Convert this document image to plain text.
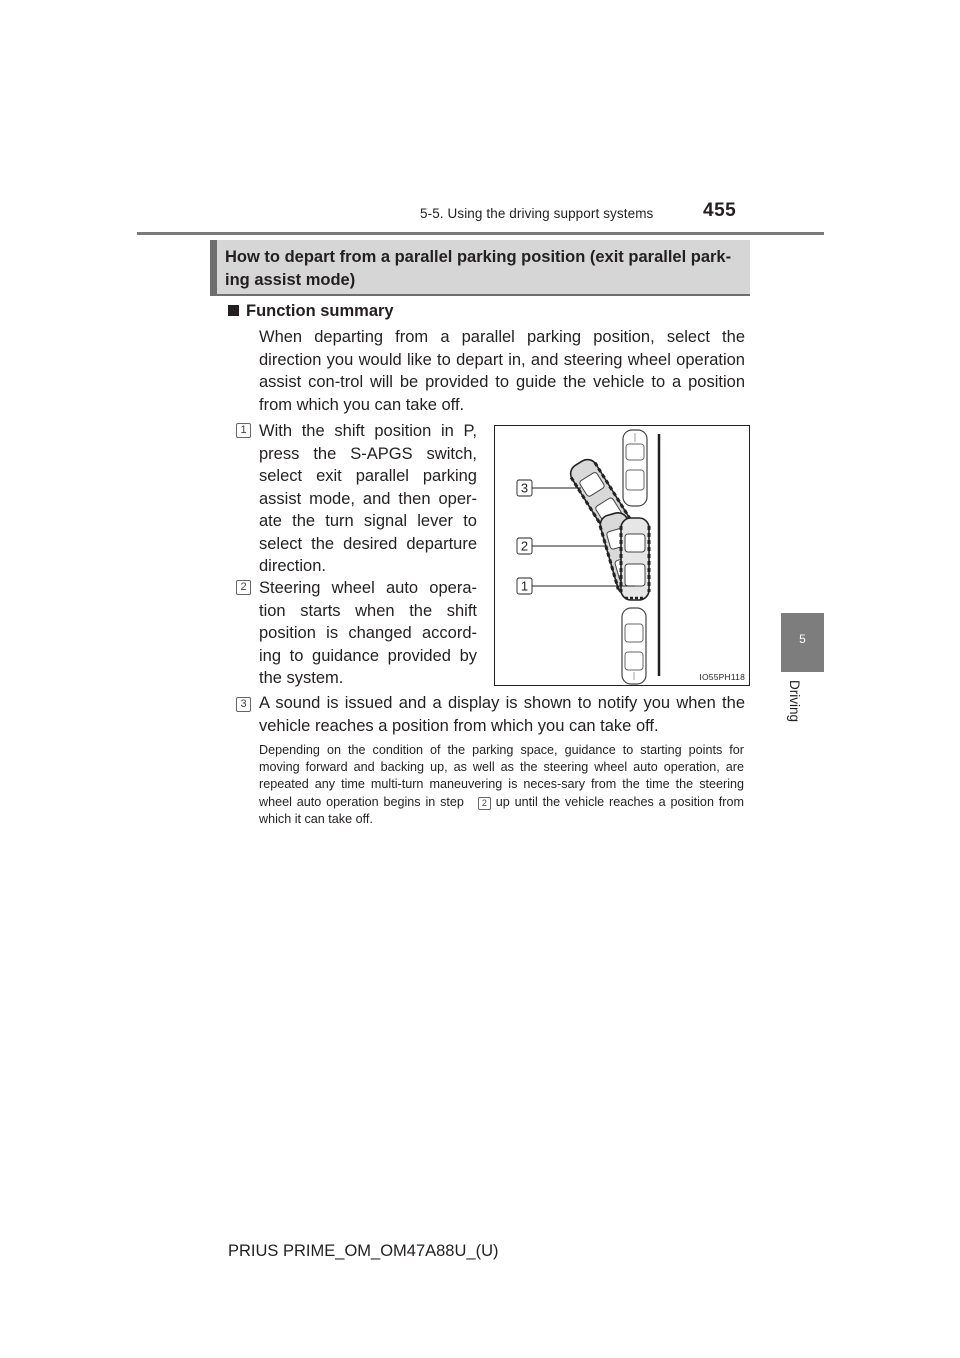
5-5. Using the driving support systems	455
5
Driving
How to depart from a parallel parking position (exit parallel park-ing assist mode)
Function summary
When departing from a parallel parking position, select the direction you would like to depart in, and steering wheel operation assist con-trol will be provided to guide the vehicle to a position from which you can take off.
1 With the shift position in P, press the S-APGS switch, select exit parallel parking assist mode, and then oper-ate the turn signal lever to select the desired departure direction.
2 Steering wheel auto opera-tion starts when the shift position is changed accord-ing to guidance provided by the system.
3 A sound is issued and a display is shown to notify you when the vehicle reaches a position from which you can take off.
Depending on the condition of the parking space, guidance to starting points for moving forward and backing up, as well as the steering wheel auto operation, are repeated any time multi-turn maneuvering is neces-sary from the time the steering wheel auto operation begins in step 2 up until the vehicle reaches a position from which it can take off.
3
2
1
IO55PH118
PRIUS PRIME_OM_OM47A88U_(U)
